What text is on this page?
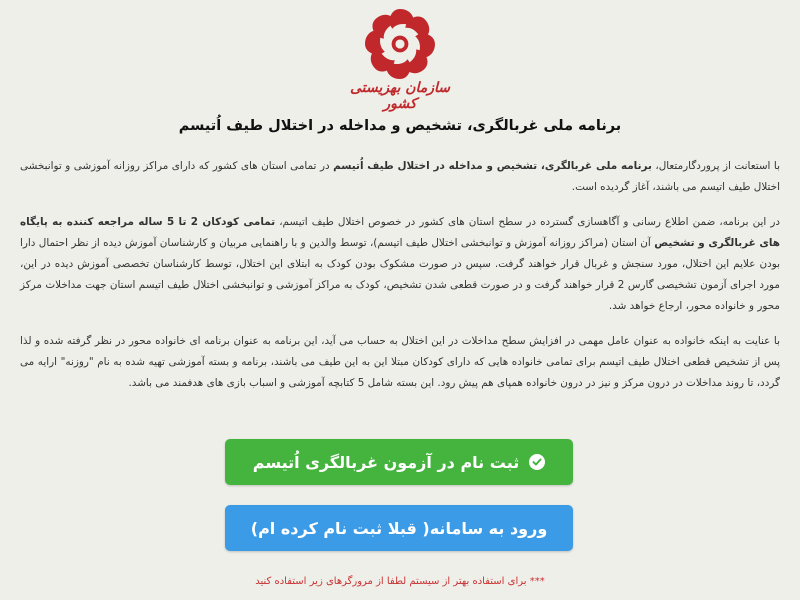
سازمان بهزیستی کشور
برنامه ملی غربالگری، تشخیص و مداخله در اختلال طیف اُتیسم

با استعانت از پروردگارمتعال، برنامه ملی غربالگری، تشخیص و مداخله در اختلال طیف اُتیسم در تمامی استان های کشور که دارای مراکز روزانه آموزشی و توانبخشی اختلال طیف اتیسم می باشند، آغاز گردیده است.

در این برنامه، ضمن اطلاع رسانی و آگاهسازی گسترده در سطح استان های کشور در خصوص اختلال طیف اتیسم، تمامی کودکان 2 تا 5 ساله مراجعه کننده به پایگاه های غربالگری و تشخیص آن استان (مراکز روزانه آموزش و توانبخشی اختلال طیف اتیسم)، توسط والدین و با راهنمایی مربیان و کارشناسان آموزش دیده از نظر احتمال دارا بودن علایم این اختلال، مورد سنجش و غربال قرار خواهند گرفت. سپس در صورت مشکوک بودن کودک به ابتلای این اختلال، توسط کارشناسان تخصصی آموزش دیده در این، مورد اجرای آزمون تشخیصی گارس 2 قرار خواهند گرفت و در صورت قطعی شدن تشخیص، کودک به مراکز آموزشی و توانبخشی اختلال طیف اتیسم استان جهت مداخلات مرکز محور و خانواده محور، ارجاع خواهد شد.

با عنایت به اینکه خانواده به عنوان عامل مهمی در افزایش سطح مداخلات در این اختلال به حساب می آید، این برنامه به عنوان برنامه ای خانواده محور در نظر گرفته شده و لذا پس از تشخیص قطعی اختلال طیف اتیسم برای تمامی خانواده هایی که دارای کودکان مبتلا این به این طیف می باشند، برنامه و بسته آموزشی تهیه شده به نام "روزنه" ارایه می گردد، تا روند مداخلات در درون مرکز و نیز در درون خانواده همپای هم پیش رود. این بسته شامل 5 کتابچه آموزشی و اسباب بازی های هدفمند می باشد.

ثبت نام در آزمون غربالگری اُتیسم
ورود به سامانه( قبلا ثبت نام کرده ام)
*** برای استفاده بهتر از سیستم لطفا از مرورگرهای زیر استفاده کنید
